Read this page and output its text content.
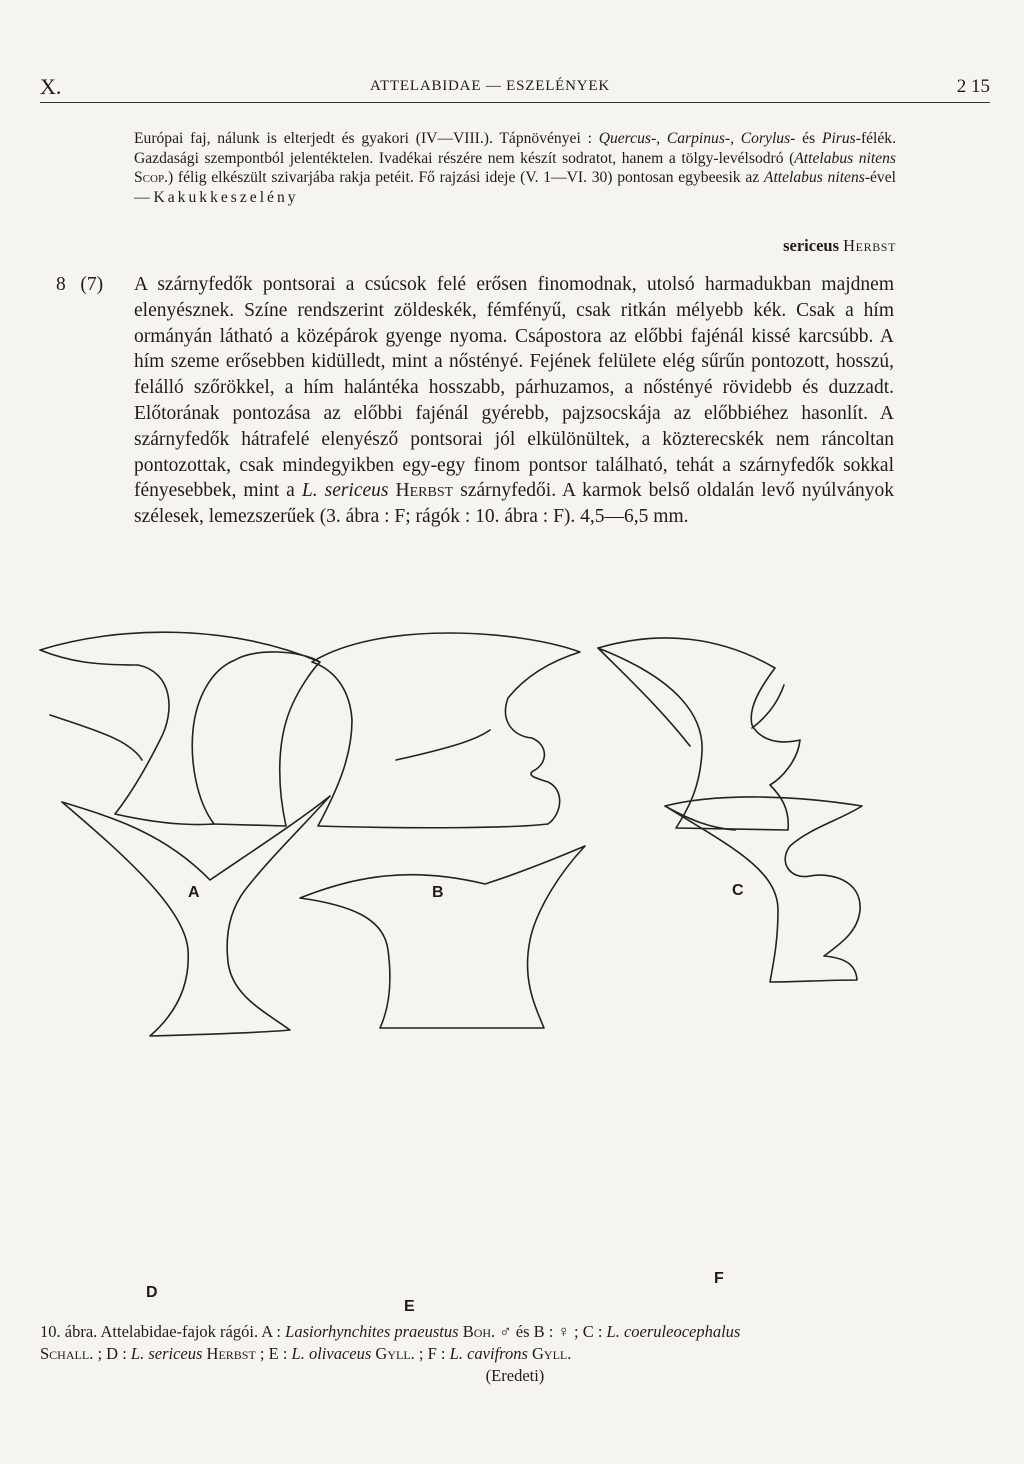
X.	ATTELABIDAE — ESZELÉNYEK	2 15

Európai faj, nálunk is elterjedt és gyakori (IV—VIII.). Tápnövényei : Quercus-, Carpinus-, Corylus- és Pirus-félék. Gazdasági szempontból jelentéktelen. Ivadékai részére nem készít sodratot, hanem a tölgy-levélsodró (Attelabus nitens Scop.) félig elkészült szivarjába rakja petéit. Fő rajzási ideje (V. 1—VI. 30) pontosan egybeesik az Attelabus nitens-ével — Kakukkeszelény

sericeus Herbst
8 (7) A szárnyfedők pontsorai a csúcsok felé erősen finomodnak, utolsó harmadukban majdnem elenyésznek. Színe rendszerint zöldeskék, fémfényű, csak ritkán mélyebb kék. Csak a hím ormányán látható a középárok gyenge nyoma. Csápostora az előbbi fajénál kissé karcsúbb. A hím szeme erősebben kidülledt, mint a nőstényé. Fejének felülete elég sűrűn pontozott, hosszú, felálló szőrökkel, a hím halántéka hosszabb, párhuzamos, a nőstényé rövidebb és duzzadt. Előtorának pontozása az előbbi fajénál gyérebb, pajzsocskája az előbbiéhez hasonlít. A szárnyfedők hátrafelé elenyésző pontsorai jól elkülönültek, a közterecskék nem ráncoltan pontozottak, csak mindegyikben egy-egy finom pontsor található, tehát a szárnyfedők sokkal fényesebbek, mint a L. sericeus Herbst szárnyfedői. A karmok belső oldalán levő nyúlványok szélesek, lemezszerűek (3. ábra : F; rágók : 10. ábra : F). 4,5—6,5 mm.
A	B	C
D
E
F
10. ábra. Attelabidae-fajok rágói. A : Lasiorhynchites praeustus Boh. ♂ és B : ♀ ; C : L. coeruleocephalus
Schall. ; D : L. sericeus Herbst ; E : L. olivaceus Gyll. ; F : L. cavifrons Gyll.
(Eredeti)
